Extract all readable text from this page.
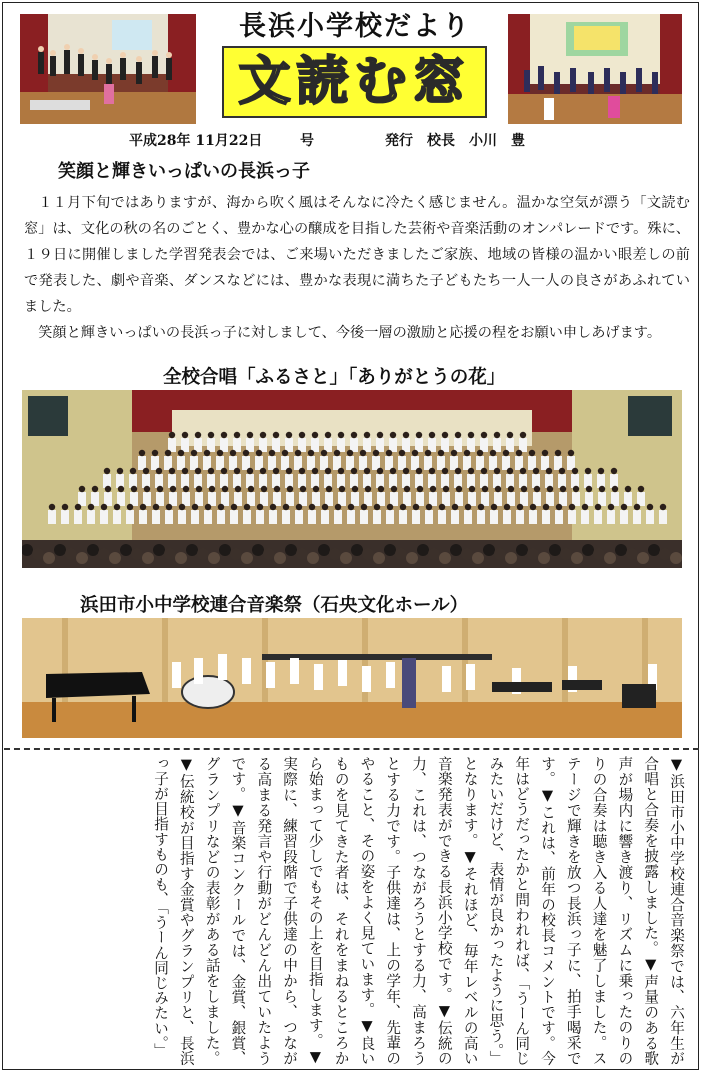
長浜小学校だより
文読む窓
平成28年 11月22日	号	発行　校長　小川　豊
笑顔と輝きいっぱいの長浜っ子

１１月下旬ではありますが、海から吹く風はそんなに冷たく感じません。温かな空気が漂う「文読む窓」は、文化の秋の名のごとく、豊かな心の醸成を目指した芸術や音楽活動のオンパレードです。殊に、１９日に開催しました学習発表会では、ご来場いただきましたご家族、地域の皆様の温かい眼差しの前で発表した、劇や音楽、ダンスなどには、豊かな表現に満ちた子どもたち一人一人の良さがあふれていました。

笑顔と輝きいっぱいの長浜っ子に対しまして、今後一層の激励と応援の程をお願い申しあげます。

全校合唱「ふるさと」「ありがとうの花」
浜田市小中学校連合音楽祭（石央文化ホール）
▼浜田市小中学校連合音楽祭では、六年生が合唱と合奏を披露しました。▼声量のある歌声が場内に響き渡り、リズムに乗ったのりのりの合奏は聴き入る人達を魅了しました。ステージで輝きを放つ長浜っ子に、拍手喝采です。▼これは、前年の校長コメントです。今年はどうだったかと問われれば、「うーん同じみたいだけど、表情が良かったように思う。」となります。▼それほど、毎年レベルの高い音楽発表ができる長浜小学校です。▼伝統の力、これは、つながろうとする力、高まろうとする力です。子供達は、上の学年、先輩のやること、その姿をよく見ています。▼良いものを見てきた者は、それをまねるところから始まって少しでもその上を目指します。▼実際に、練習段階で子供達の中から、つながる高まる発言や行動がどんどん出ていたようです。▼音楽コンクールでは、金賞、銀賞、グランプリなどの表彰がある話をしました。▼伝統校が目指す金賞やグランプリと、長浜っ子が目指すものも、「うーん同じみたい。」
